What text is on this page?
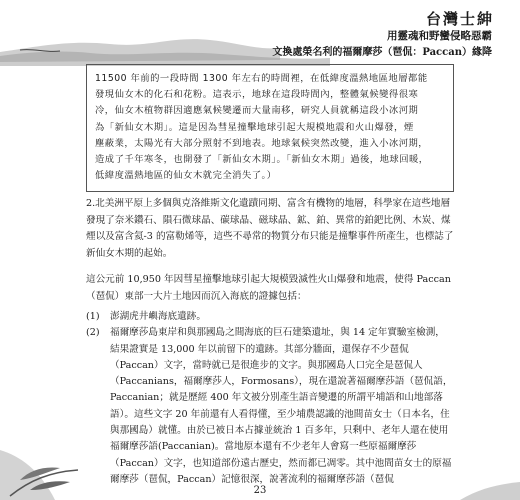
台灣士紳
用靈魂和野蠻侵略惡霸
文換處榮名利的福爾摩莎（琶侃：Paccan）緣降
11500 年前的一段時間 1300 年左右的時間裡，在低緯度溫熱地區地層都能
發現仙女木的化石和花粉。這表示，地球在這段時間內，整體氣候變得很寒
冷，仙女木植物群因適應氣候變遷而大量南移，研究人員就稱這段小冰河期
為「新仙女木期」。這是因為彗星撞擊地球引起大規模地震和火山爆發，煙
塵蔽業，太陽光有大部分照射不到地表。地球氣候突然改變，進入小冰河期，
造成了千年寒冬，也開發了「新仙女木期」。「新仙女木期」過後，地球回暖，
低緯度溫熱地區的仙女木就完全消失了。）
2.北美洲平原上多個與克洛維斯文化遺蹟同期、富含有機物的地層，科學家在這些地層發現了奈米鑽石、隕石微球晶、碳球晶、磁球晶、鉱、鉑、異常的鉑鈀比例、木炭、煤煙以及富含氦-3 的富勒烯等，這些不尋常的物質分布只能是撞擊事件所產生，也標誌了新仙女木期的起始。
這公元前 10,950 年因彗星撞擊地球引起大規模毀滅性火山爆發和地震，使得 Paccan（琶侃）東部一大片土地因而沉入海底的證據包括：
(1)	澎湖虎井嶼海底遺跡。
(2)	福爾摩莎島東岸和與那國島之間海底的巨石建築遺址，與 14 定年實驗室檢測，結果證實是 13,000 年以前留下的遺跡。其部分牆面，還保存不少琶侃（Paccan）文字，當時就已是很進步的文字。與那國島人口完全是琶侃人（Paccanians，福爾摩莎人，Formosans），現在還說著福爾摩莎語（琶侃語，Paccanian；就是歷經 400 年文被分別產生語音變遷的所謂平埔語和山地部落語）。這些文字 20 年前還有人看得懂，至少埔農認識的池間苗女士（日本名，住與那國島）就懂。由於已被日本占據並統治 1 百多年，只剩中、老年人還在使用福爾摩莎語(Paccanian)。當地原本還有不少老年人會寫一些原福爾摩莎（Paccan）文字，也知道部份遠古歷史，然而都已凋零。其中池間苗女士的原福爾摩莎（琶侃，Paccan）記憶很深，說著流利的福爾摩莎語（琶侃
23
